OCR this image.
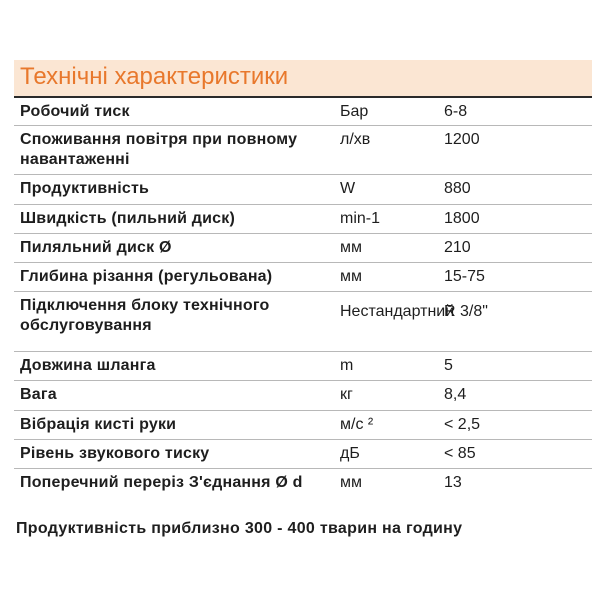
Технічні характеристики
Робочий тиск	Бар	6-8

Споживання повітря при повному навантаженні	л/хв	1200

Продуктивність	W	880

Швидкість (пильний диск)	min-1	1800

Пиляльний диск Ø	мм	210

Глибина різання (регульована)	мм	15-75

Підключення блоку технічного обслуговування	Нестандартний	R 3/8"

Довжина шланга	m	5

Вага	кг	8,4

Вібрація кисті руки	м/с ²	< 2,5

Рівень звукового тиску	дБ	< 85

Поперечний переріз З'єднання Ø d	мм	13
Продуктивність приблизно 300 - 400 тварин на годину
